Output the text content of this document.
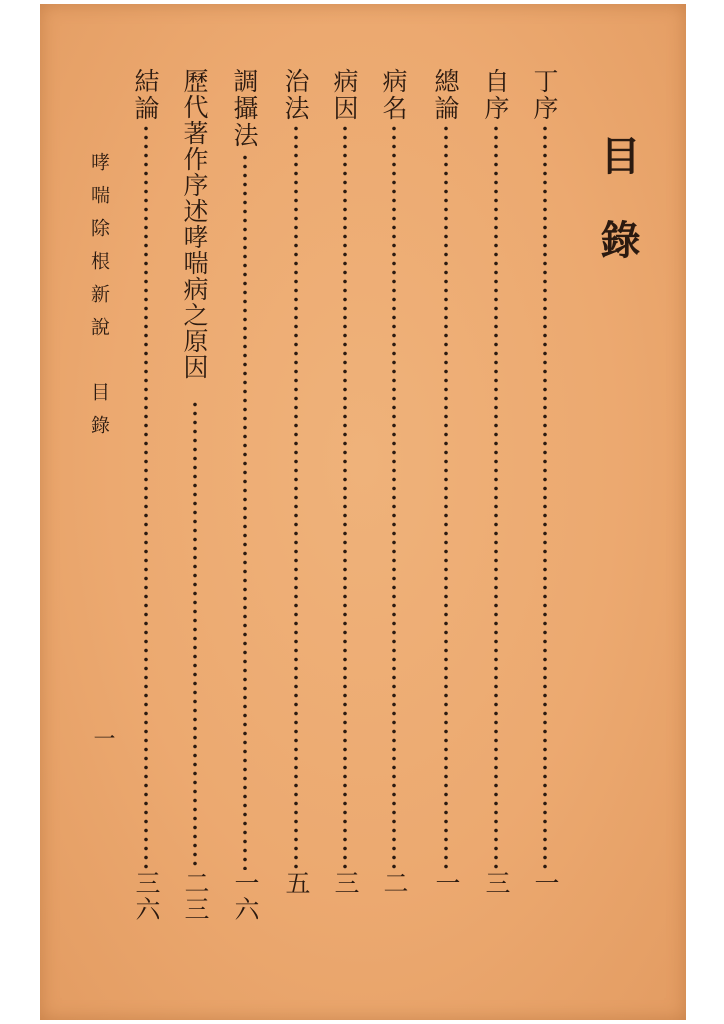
目錄
丁序
一
自序
三
總論
一
病名
二
病因
三
治法
五
調攝法
一六
歷代著作序述哮喘病之原因
二三
結論
三六
哮喘除根新說
目錄
一
